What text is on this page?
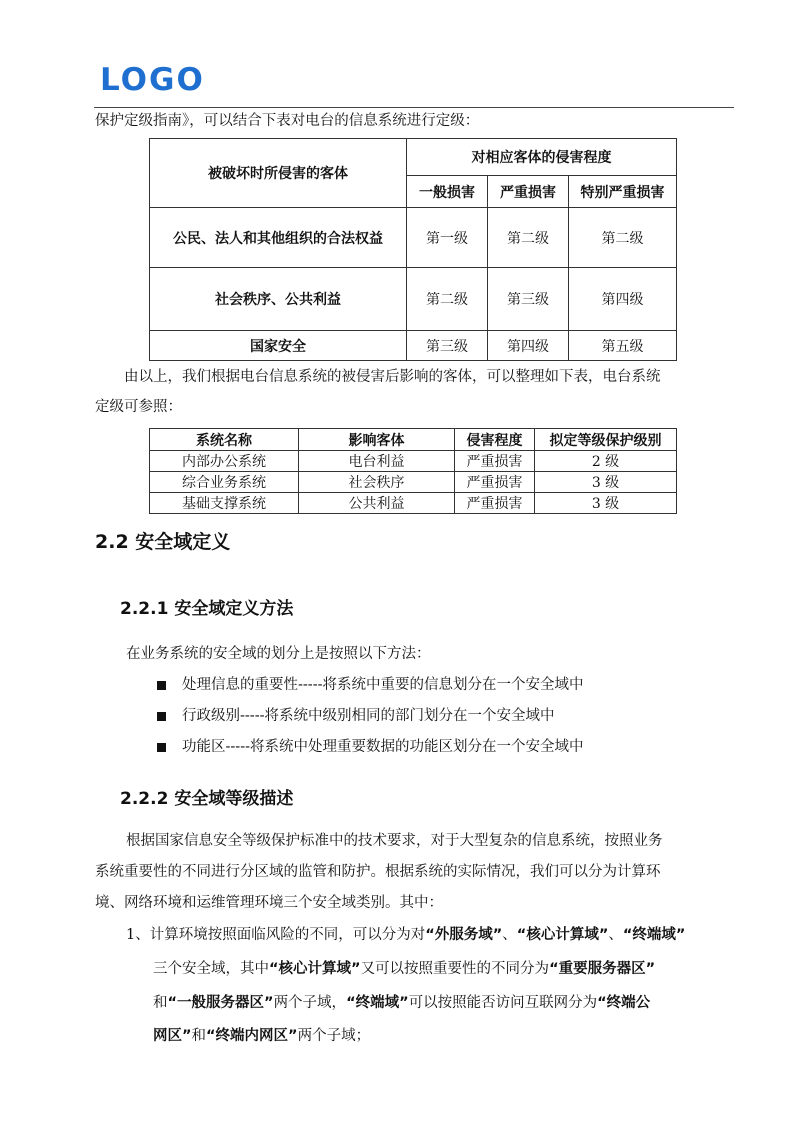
LOGO
保护定级指南》，可以结合下表对电台的信息系统进行定级：
被破坏时所侵害的客体	对相应客体的侵害程度		
	一般损害	严重损害	特别严重损害
公民、法人和其他组织的合法权益	第一级	第二级	第二级
社会秩序、公共利益	第二级	第三级	第四级
国家安全	第三级	第四级	第五级
由以上，我们根据电台信息系统的被侵害后影响的客体，可以整理如下表，电台系统
定级可参照：
系统名称	影响客体	侵害程度	拟定等级保护级别
内部办公系统	电台利益	严重损害	2 级
综合业务系统	社会秩序	严重损害	3 级
基础支撑系统	公共利益	严重损害	3 级
2.2 安全域定义
2.2.1 安全域定义方法
在业务系统的安全域的划分上是按照以下方法：
处理信息的重要性-----将系统中重要的信息划分在一个安全域中
行政级别-----将系统中级别相同的部门划分在一个安全域中
功能区-----将系统中处理重要数据的功能区划分在一个安全域中
2.2.2 安全域等级描述
根据国家信息安全等级保护标准中的技术要求，对于大型复杂的信息系统，按照业务
系统重要性的不同进行分区域的监管和防护。根据系统的实际情况，我们可以分为计算环
境、网络环境和运维管理环境三个安全域类别。其中：
1、计算环境按照面临风险的不同，可以分为对“外服务域”、“核心计算域”、“终端域”
三个安全域，其中“核心计算域”又可以按照重要性的不同分为“重要服务器区”
和“一般服务器区”两个子域，“终端域”可以按照能否访问互联网分为“终端公
网区”和“终端内网区”两个子域；
